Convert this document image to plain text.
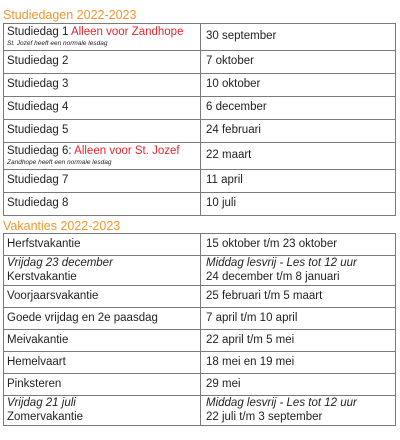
Studiedagen 2022-2023
Studiedag 1 Alleen voor Zandhope
St. Jozef heeft een normale lesdag	30 september
Studiedag 2	7 oktober
Studiedag 3	10 oktober
Studiedag 4	6 december
Studiedag 5	24 februari
Studiedag 6: Alleen voor St. Jozef
Zandhope heeft een normale lesdag	22 maart
Studiedag 7	11 april
Studiedag 8	10 juli
Vakanties 2022-2023
Herfstvakantie	15 oktober t/m 23 oktober

Vrijdag 23 december
Kerstvakantie	Middag lesvrij - Les tot 12 uur
24 december t/m 8 januari

Voorjaarsvakantie	25 februari t/m 5 maart
Goede vrijdag en 2e paasdag	7 april t/m 10 april
Meivakantie	22 april t/m 5 mei
Hemelvaart	18 mei en 19 mei
Pinksteren	29 mei

Vrijdag 21 juli
Zomervakantie	Middag lesvrij - Les tot 12 uur
22 juli t/m 3 september
